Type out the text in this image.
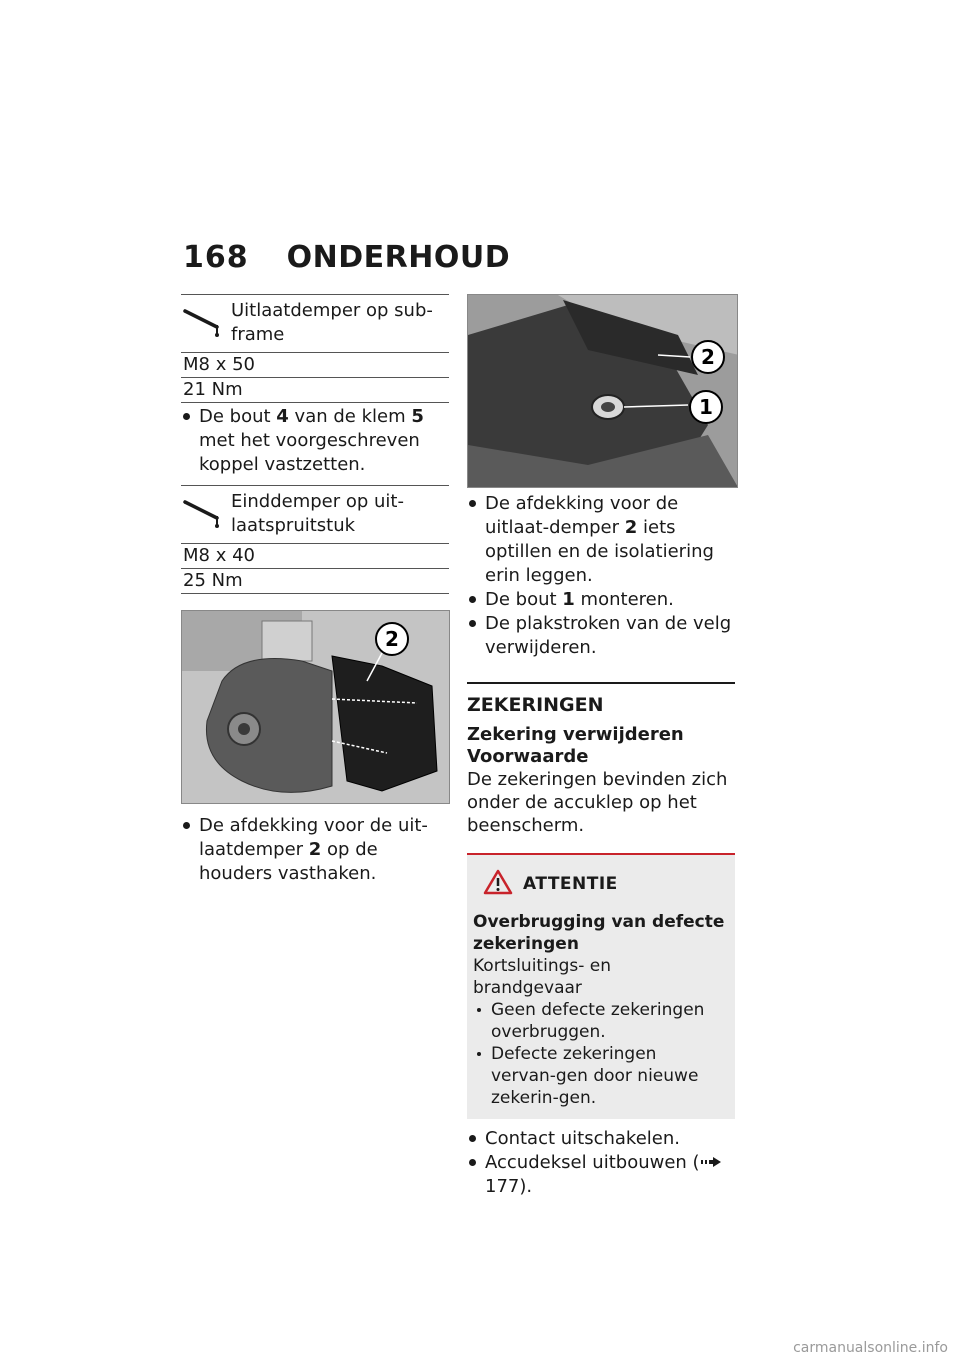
168 ONDERHOUD
Uitlaatdemper op sub-frame
M8 x 50
21 Nm
De bout 4 van de klem 5 met het voorgeschreven koppel vastzetten.
Einddemper op uit-laatspruitstuk
M8 x 40
25 Nm
2
De afdekking voor de uit-laatdemper 2 op de houders vasthaken.
2
1
De afdekking voor de uitlaat-demper 2 iets optillen en de isolatiering erin leggen.
De bout 1 monteren.
De plakstroken van de velg verwijderen.
ZEKERINGEN
Zekering verwijderen
Voorwaarde
De zekeringen bevinden zich onder de accuklep op het beenscherm.
ATTENTIE
Overbrugging van defecte zekeringen
Kortsluitings- en brandgevaar
Geen defecte zekeringen overbruggen.
Defecte zekeringen vervan-gen door nieuwe zekerin-gen.
Contact uitschakelen.
Accudeksel uitbouwen ( 177).
carmanualsonline.info
